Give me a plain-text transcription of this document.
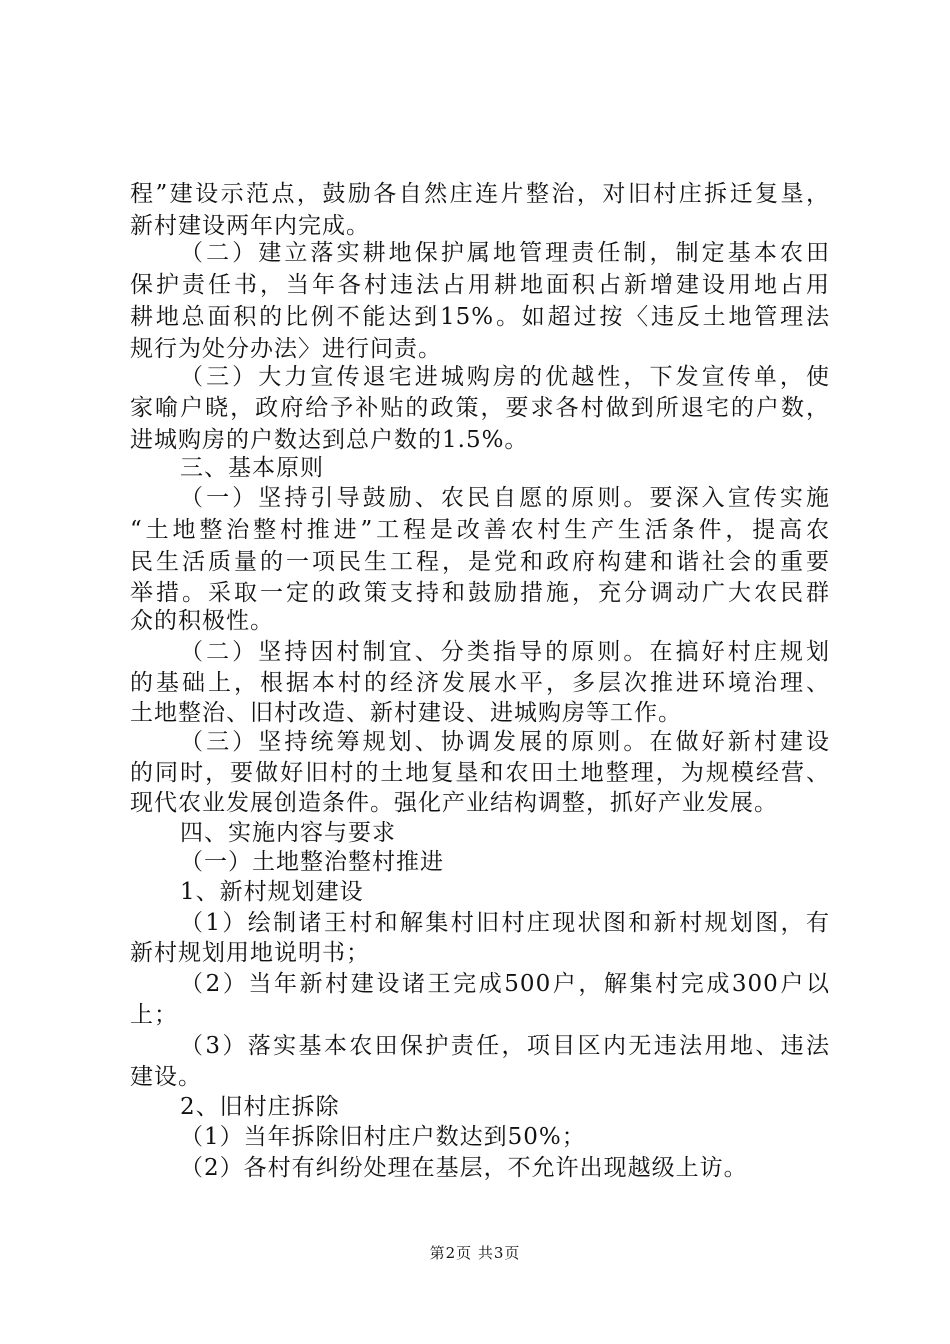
程”建设示范点，鼓励各自然庄连片整治，对旧村庄拆迁复垦，
新村建设两年内完成。
（二）建立落实耕地保护属地管理责任制，制定基本农田
保护责任书，当年各村违法占用耕地面积占新增建设用地占用
耕地总面积的比例不能达到15%。如超过按〈违反土地管理法
规行为处分办法〉进行问责。
（三）大力宣传退宅进城购房的优越性，下发宣传单，使
家喻户晓，政府给予补贴的政策，要求各村做到所退宅的户数，
进城购房的户数达到总户数的1.5%。
三、基本原则
（一）坚持引导鼓励、农民自愿的原则。要深入宣传实施
“土地整治整村推进”工程是改善农村生产生活条件，提高农
民生活质量的一项民生工程，是党和政府构建和谐社会的重要
举措。采取一定的政策支持和鼓励措施，充分调动广大农民群
众的积极性。
（二）坚持因村制宜、分类指导的原则。在搞好村庄规划
的基础上，根据本村的经济发展水平，多层次推进环境治理、
土地整治、旧村改造、新村建设、进城购房等工作。
（三）坚持统筹规划、协调发展的原则。在做好新村建设
的同时，要做好旧村的土地复垦和农田土地整理，为规模经营、
现代农业发展创造条件。强化产业结构调整，抓好产业发展。
四、实施内容与要求
（一）土地整治整村推进
1、新村规划建设
（1）绘制诸王村和解集村旧村庄现状图和新村规划图，有
新村规划用地说明书；
（2）当年新村建设诸王完成500户，解集村完成300户以
上；
（3）落实基本农田保护责任，项目区内无违法用地、违法
建设。
2、旧村庄拆除
（1）当年拆除旧村庄户数达到50%；
（2）各村有纠纷处理在基层，不允许出现越级上访。
第2页 共3页
